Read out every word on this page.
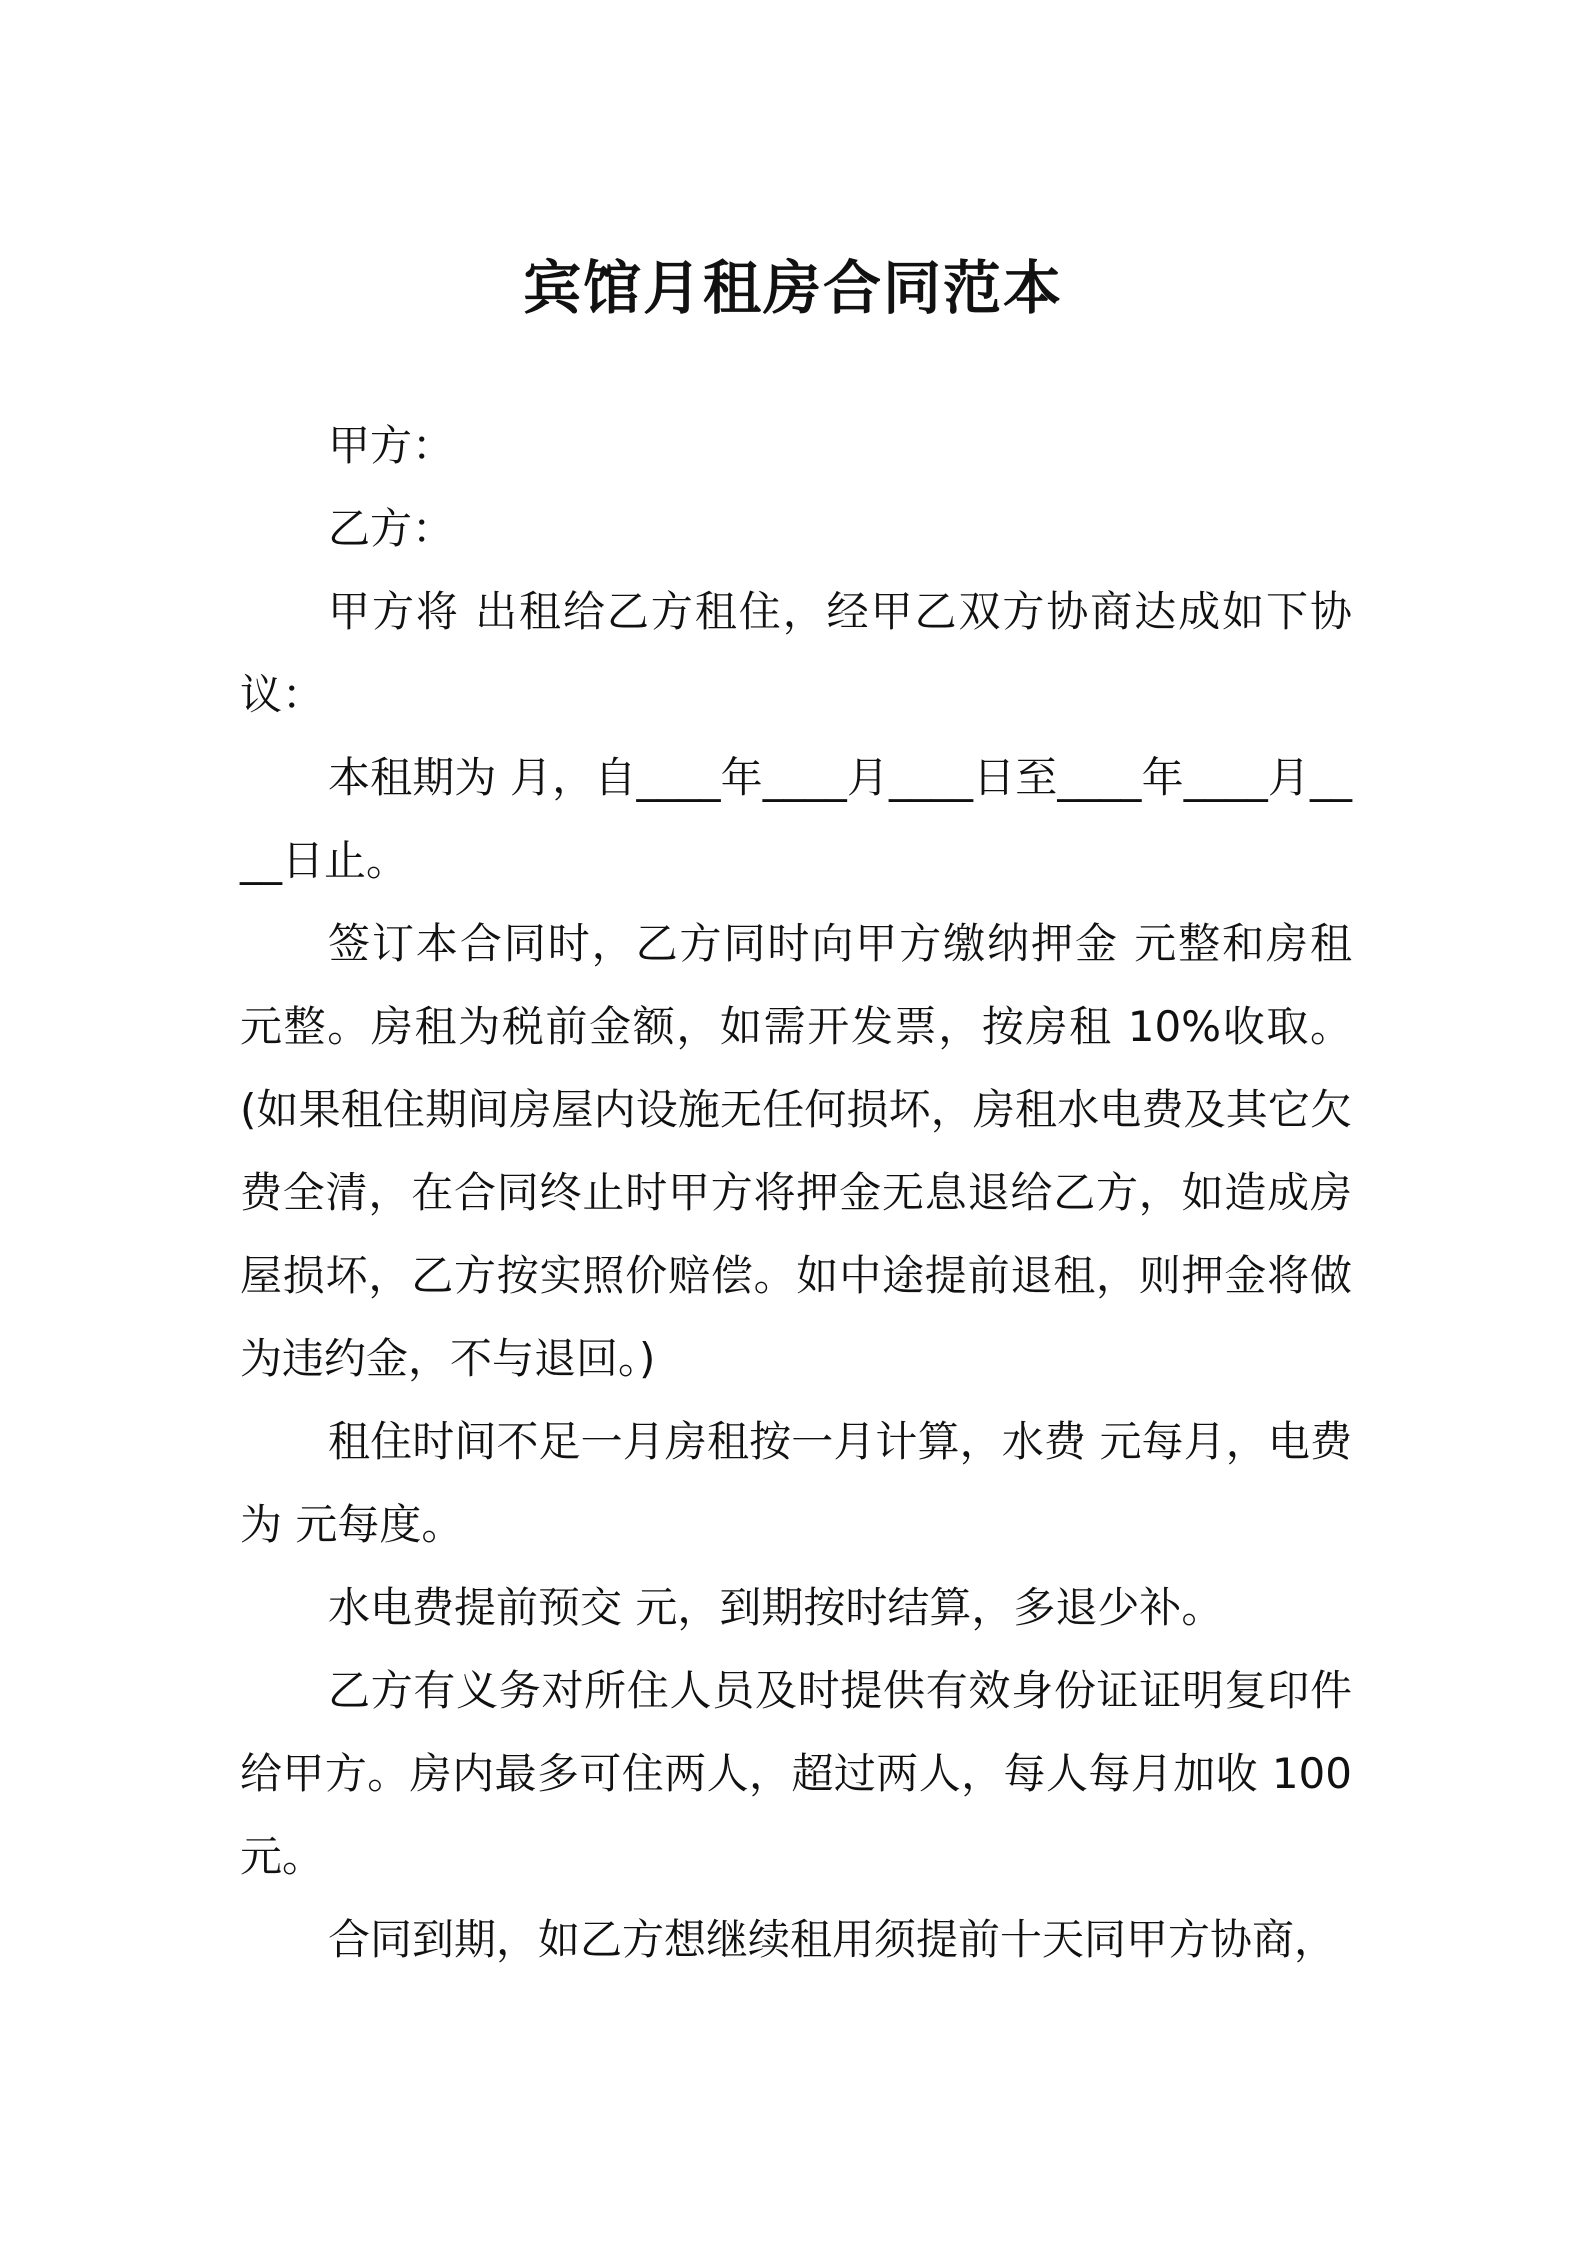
宾馆月租房合同范本

甲方：

乙方：

甲方将 出租给乙方租住，经甲乙双方协商达成如下协议：

本租期为 月，自____年____月____日至____年____月____日止。

签订本合同时，乙方同时向甲方缴纳押金 元整和房租 元整。房租为税前金额，如需开发票，按房租 10%收取。(如果租住期间房屋内设施无任何损坏，房租水电费及其它欠费全清，在合同终止时甲方将押金无息退给乙方，如造成房屋损坏，乙方按实照价赔偿。如中途提前退租，则押金将做为违约金，不与退回。)

租住时间不足一月房租按一月计算，水费 元每月，电费为 元每度。

水电费提前预交 元，到期按时结算，多退少补。

乙方有义务对所住人员及时提供有效身份证证明复印件给甲方。房内最多可住两人，超过两人，每人每月加收 100 元。

合同到期，如乙方想继续租用须提前十天同甲方协商，
